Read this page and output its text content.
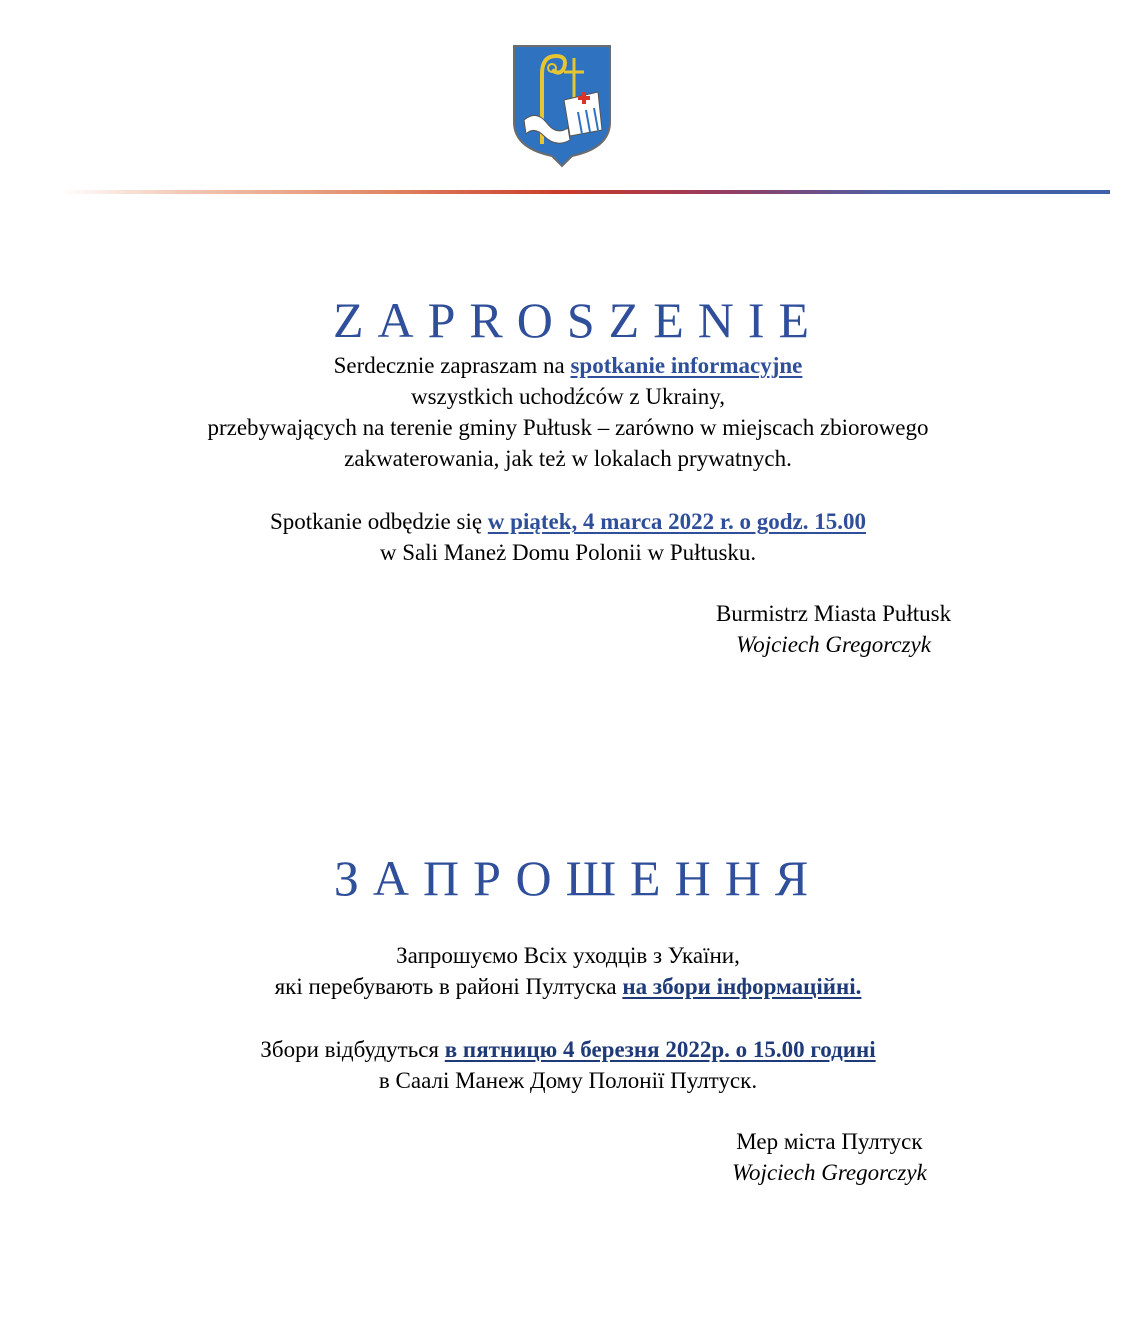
ZAPROSZENIE
Serdecznie zapraszam na spotkanie informacyjne
wszystkich uchodźców z Ukrainy,
przebywających na terenie gminy Pułtusk – zarówno w miejscach zbiorowego
zakwaterowania, jak też w lokalach prywatnych.
Spotkanie odbędzie się w piątek, 4 marca 2022 r. o godz. 15.00
w Sali Maneż Domu Polonii w Pułtusku.
Burmistrz Miasta Pułtusk
Wojciech Gregorczyk
ЗАПРОШЕННЯ
Запрошуємо Всіх уходців з Укаїни,
які перебувають в районі Пултуска на збори інформаційні.
Збори відбудуться в пятницю 4 березня 2022р. о 15.00 годині
в Саалі Манеж Дому Полонії Пултуск.
Мер міста Пултуск
Wojciech Gregorczyk
